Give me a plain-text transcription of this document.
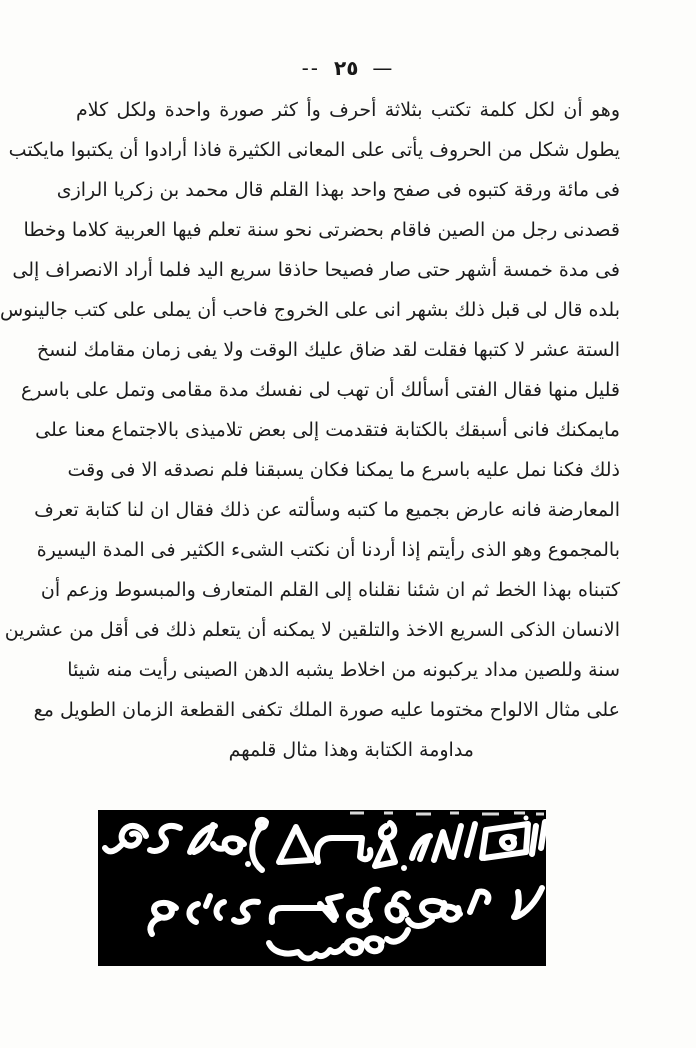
—٢٥--
وهو أن لكل كلمة تكتب بثلاثة أحرف وأ كثر صورة واحدة ولكل كلام
يطول شكل من الحروف يأتى على المعانى الكثيرة فاذا أرادوا أن يكتبوا مايكتب
فى مائة ورقة كتبوه فى صفح واحد بهذا القلم قال محمد بن زكريا الرازى
قصدنى رجل من الصين فاقام بحضرتى نحو سنة تعلم فيها العربية كلاما وخطا
فى مدة خمسة أشهر حتى صار فصيحا حاذقا سريع اليد فلما أراد الانصراف إلى
بلده قال لى قبل ذلك بشهر انى على الخروج فاحب أن يملى على كتب جالينوس
الستة عشر لا كتبها فقلت لقد ضاق عليك الوقت ولا يفى زمان مقامك لنسخ
قليل منها فقال الفتى أسألك أن تهب لى نفسك مدة مقامى وتمل على باسرع
مايمكنك فانى أسبقك بالكتابة فتقدمت إلى بعض تلاميذى بالاجتماع معنا على
ذلك فكنا نمل عليه باسرع ما يمكنا فكان يسبقنا فلم نصدقه الا فى وقت
المعارضة فانه عارض بجميع ما كتبه وسألته عن ذلك فقال ان لنا كتابة تعرف
بالمجموع وهو الذى رأيتم إذا أردنا أن نكتب الشىء الكثير فى المدة اليسيرة
كتبناه بهذا الخط ثم ان شئنا نقلناه إلى القلم المتعارف والمبسوط وزعم أن
الانسان الذكى السريع الاخذ والتلقين لا يمكنه أن يتعلم ذلك فى أقل من عشرين
سنة وللصين مداد يركبونه من اخلاط يشبه الدهن الصينى رأيت منه شيئا
على مثال الالواح مختوما عليه صورة الملك تكفى القطعة الزمان الطويل مع
مداومة الكتابة وهذا مثال قلمهم
